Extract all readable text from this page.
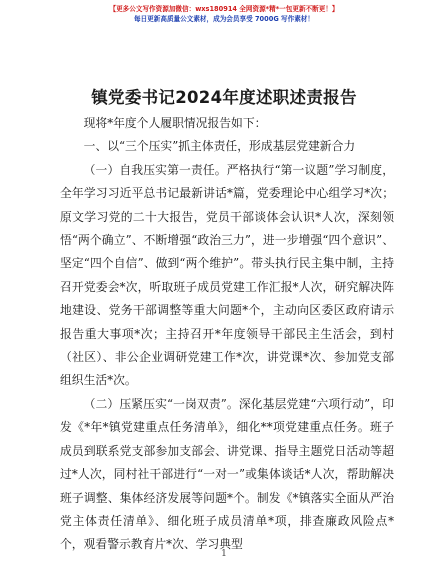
【更多公文写作资源加微信：wxs180914 全网资源*精*一包更新不断更！】
每日更新高质量公文素材，成为会员享受 7000G 写作素材！
镇党委书记2024年度述职述责报告

现将*年度个人履职情况报告如下：

一、以“三个压实”抓主体责任，形成基层党建新合力

（一）自我压实第一责任。严格执行“第一议题”学习制度，全年学习习近平总书记最新讲话*篇，党委理论中心组学习*次；原文学习党的二十大报告，党员干部谈体会认识*人次，深刻领悟“两个确立”、不断增强“政治三力”，进一步增强“四个意识”、坚定“四个自信”、做到“两个维护”。带头执行民主集中制，主持召开党委会*次，听取班子成员党建工作汇报*人次，研究解决阵地建设、党务干部调整等重大问题*个，主动向区委区政府请示报告重大事项*次；主持召开*年度领导干部民主生活会，到村（社区）、非公企业调研党建工作*次，讲党课*次、参加党支部组织生活*次。

（二）压紧压实“一岗双责”。深化基层党建“六项行动”，印发《*年*镇党建重点任务清单》，细化**项党建重点任务。班子成员到联系党支部参加支部会、讲党课、指导主题党日活动等超过*人次，同村社干部进行“一对一”或集体谈话*人次，帮助解决班子调整、集体经济发展等问题*个。制发《*镇落实全面从严治党主体责任清单》、细化班子成员清单*项，排查廉政风险点*个，观看警示教育片*次、学习典型

1
